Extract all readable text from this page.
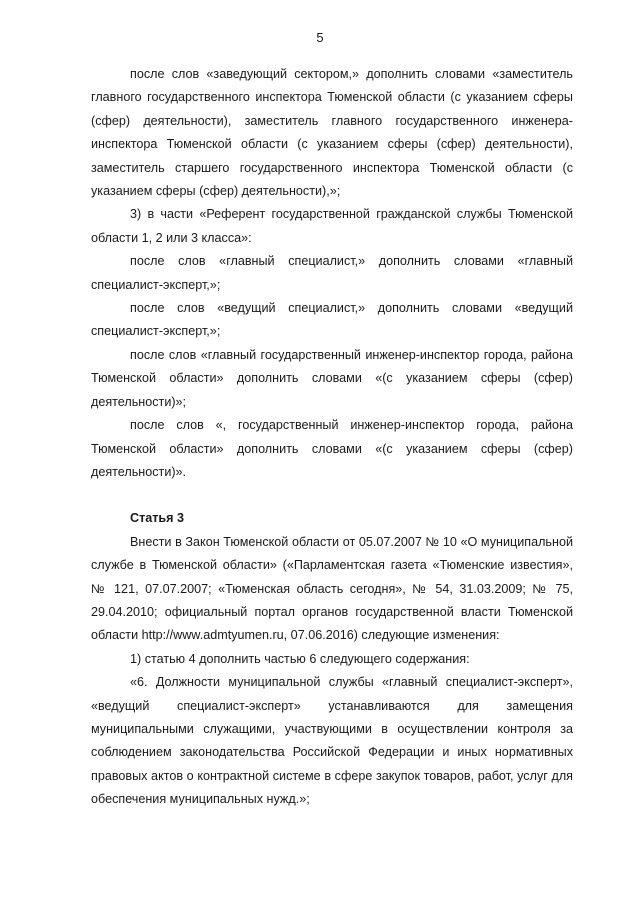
5

после слов «заведующий сектором,» дополнить словами «заместитель главного государственного инспектора Тюменской области (с указанием сферы (сфер) деятельности), заместитель главного государственного инженера-инспектора Тюменской области (с указанием сферы (сфер) деятельности), заместитель старшего государственного инспектора Тюменской области (с указанием сферы (сфер) деятельности),»;

3) в части «Референт государственной гражданской службы Тюменской области 1, 2 или 3 класса»:

после слов «главный специалист,» дополнить словами «главный специалист-эксперт,»;

после слов «ведущий специалист,» дополнить словами «ведущий специалист-эксперт,»;

после слов «главный государственный инженер-инспектор города, района Тюменской области» дополнить словами «(с указанием сферы (сфер) деятельности)»;

после слов «, государственный инженер-инспектор города, района Тюменской области» дополнить словами «(с указанием сферы (сфер) деятельности)».

Статья 3

Внести в Закон Тюменской области от 05.07.2007 № 10 «О муниципальной службе в Тюменской области» («Парламентская газета «Тюменские известия», № 121, 07.07.2007; «Тюменская область сегодня», № 54, 31.03.2009; № 75, 29.04.2010; официальный портал органов государственной власти Тюменской области http://www.admtyumen.ru, 07.06.2016) следующие изменения:

1) статью 4 дополнить частью 6 следующего содержания:

«6. Должности муниципальной службы «главный специалист-эксперт», «ведущий специалист-эксперт» устанавливаются для замещения муниципальными служащими, участвующими в осуществлении контроля за соблюдением законодательства Российской Федерации и иных нормативных правовых актов о контрактной системе в сфере закупок товаров, работ, услуг для обеспечения муниципальных нужд.»;
